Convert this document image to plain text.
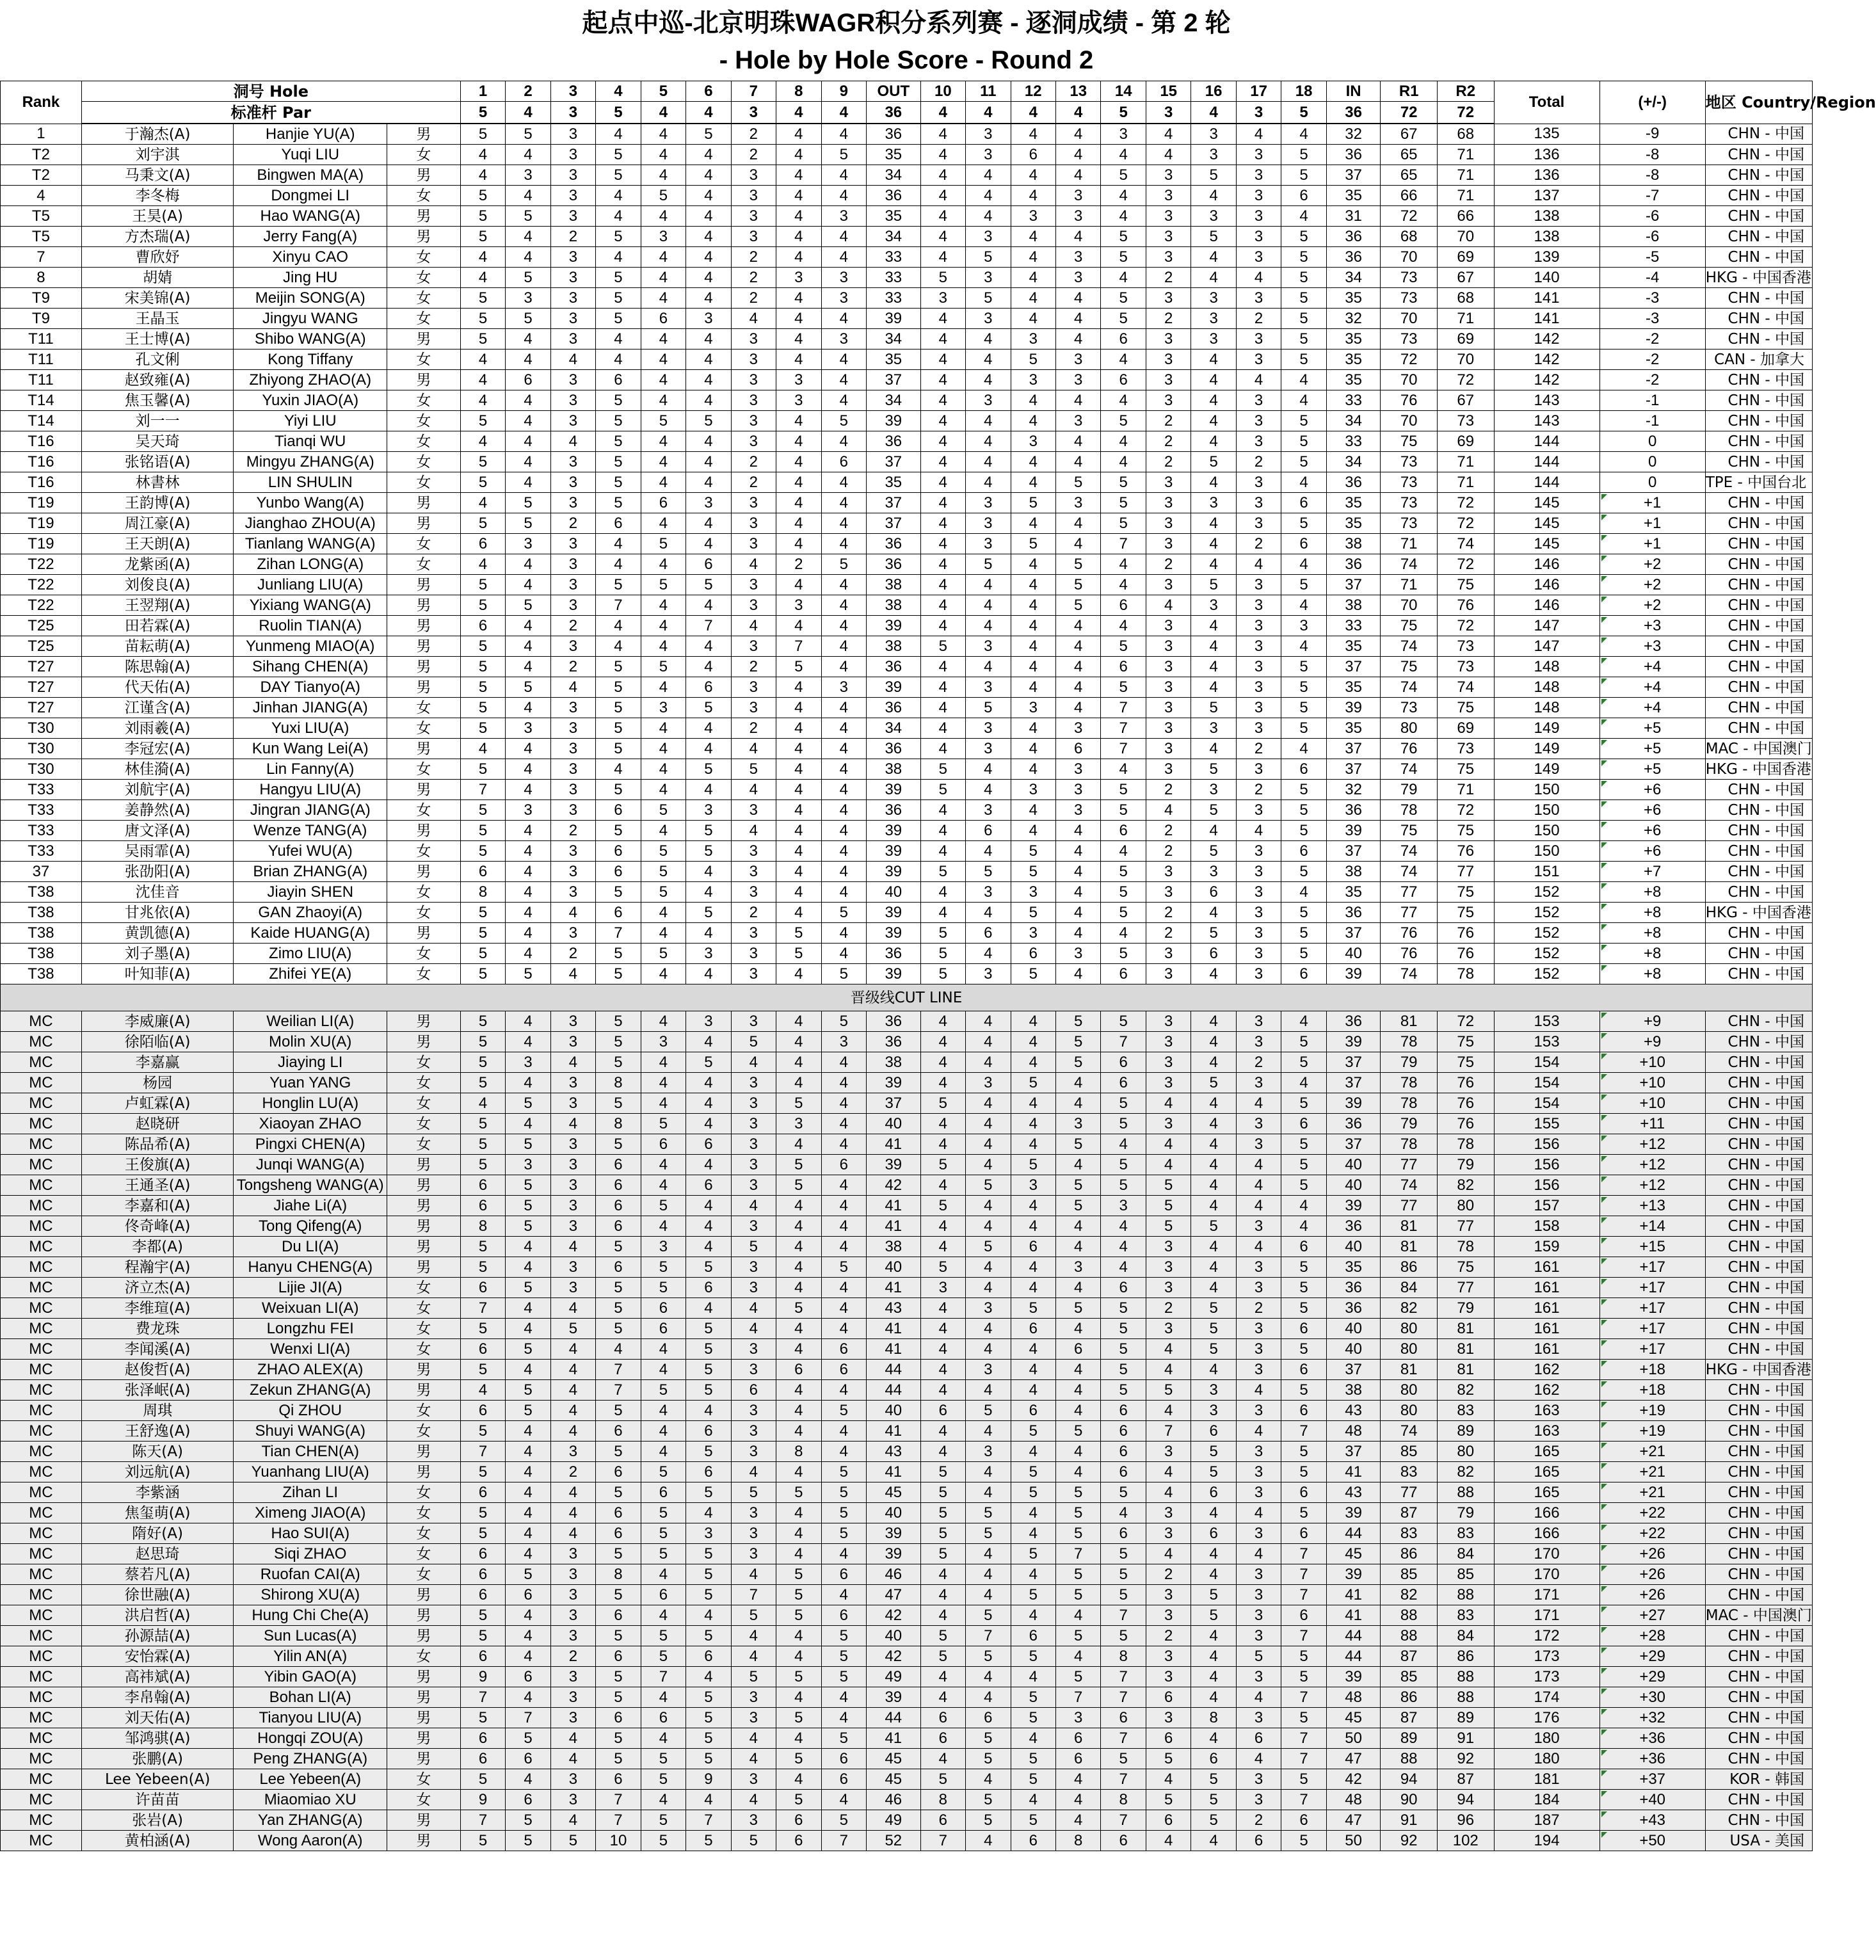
起点中巡-北京明珠WAGR积分系列赛 - 逐洞成绩 - 第 2 轮
- Hole by Hole Score - Round 2
Rank	洞号 Hole			1	2	3	4	5	6	7	8	9	OUT	10	11	12	13	14	15	16	17	18	IN	R1	R2	Total	(+/-)	地区 Country/Region
	标准杆 Par			5	4	3	5	4	4	3	4	4	36	4	4	4	4	5	3	4	3	5	36	72	72			
1	于瀚杰(A)	Hanjie YU(A)	男	5	5	3	4	4	5	2	4	4	36	4	3	4	4	3	4	3	4	4	32	67	68	135	-9	CHN - 中国
T2	刘宇淇	Yuqi LIU	女	4	4	3	5	4	4	2	4	5	35	4	3	6	4	4	4	3	3	5	36	65	71	136	-8	CHN - 中国
T2	马秉文(A)	Bingwen MA(A)	男	4	3	3	5	4	4	3	4	4	34	4	4	4	4	5	3	5	3	5	37	65	71	136	-8	CHN - 中国
4	李冬梅	Dongmei LI	女	5	4	3	4	5	4	3	4	4	36	4	4	4	3	4	3	4	3	6	35	66	71	137	-7	CHN - 中国
T5	王昊(A)	Hao WANG(A)	男	5	5	3	4	4	4	3	4	3	35	4	4	3	3	4	3	3	3	4	31	72	66	138	-6	CHN - 中国
T5	方杰瑞(A)	Jerry Fang(A)	男	5	4	2	5	3	4	3	4	4	34	4	3	4	4	5	3	5	3	5	36	68	70	138	-6	CHN - 中国
7	曹欣妤	Xinyu CAO	女	4	4	3	4	4	4	2	4	4	33	4	5	4	3	5	3	4	3	5	36	70	69	139	-5	CHN - 中国
8	胡婧	Jing HU	女	4	5	3	5	4	4	2	3	3	33	5	3	4	3	4	2	4	4	5	34	73	67	140	-4	HKG - 中国香港
T9	宋美锦(A)	Meijin SONG(A)	女	5	3	3	5	4	4	2	4	3	33	3	5	4	4	5	3	3	3	5	35	73	68	141	-3	CHN - 中国
T9	王晶玉	Jingyu WANG	女	5	5	3	5	6	3	4	4	4	39	4	3	4	4	5	2	3	2	5	32	70	71	141	-3	CHN - 中国
T11	王士博(A)	Shibo WANG(A)	男	5	4	3	4	4	4	3	4	3	34	4	4	3	4	6	3	3	3	5	35	73	69	142	-2	CHN - 中国
T11	孔文俐	Kong Tiffany	女	4	4	4	4	4	4	3	4	4	35	4	4	5	3	4	3	4	3	5	35	72	70	142	-2	CAN - 加拿大
T11	赵致雍(A)	Zhiyong ZHAO(A)	男	4	6	3	6	4	4	3	3	4	37	4	4	3	3	6	3	4	4	4	35	70	72	142	-2	CHN - 中国
T14	焦玉馨(A)	Yuxin JIAO(A)	女	4	4	3	5	4	4	3	3	4	34	4	3	4	4	4	3	4	3	4	33	76	67	143	-1	CHN - 中国
T14	刘一一	Yiyi LIU	女	5	4	3	5	5	5	3	4	5	39	4	4	4	3	5	2	4	3	5	34	70	73	143	-1	CHN - 中国
T16	吴天琦	Tianqi WU	女	4	4	4	5	4	4	3	4	4	36	4	4	3	4	4	2	4	3	5	33	75	69	144	0	CHN - 中国
T16	张铭语(A)	Mingyu ZHANG(A)	女	5	4	3	5	4	4	2	4	6	37	4	4	4	4	4	2	5	2	5	34	73	71	144	0	CHN - 中国
T16	林書林	LIN SHULIN	女	5	4	3	5	4	4	2	4	4	35	4	4	4	5	5	3	4	3	4	36	73	71	144	0	TPE - 中国台北
T19	王韵博(A)	Yunbo Wang(A)	男	4	5	3	5	6	3	3	4	4	37	4	3	5	3	5	3	3	3	6	35	73	72	145	+1	CHN - 中国
T19	周江豪(A)	Jianghao ZHOU(A)	男	5	5	2	6	4	4	3	4	4	37	4	3	4	4	5	3	4	3	5	35	73	72	145	+1	CHN - 中国
T19	王天朗(A)	Tianlang WANG(A)	女	6	3	3	4	5	4	3	4	4	36	4	3	5	4	7	3	4	2	6	38	71	74	145	+1	CHN - 中国
T22	龙紫函(A)	Zihan LONG(A)	女	4	4	3	4	4	6	4	2	5	36	4	5	4	5	4	2	4	4	4	36	74	72	146	+2	CHN - 中国
T22	刘俊良(A)	Junliang LIU(A)	男	5	4	3	5	5	5	3	4	4	38	4	4	4	5	4	3	5	3	5	37	71	75	146	+2	CHN - 中国
T22	王翌翔(A)	Yixiang WANG(A)	男	5	5	3	7	4	4	3	3	4	38	4	4	4	5	6	4	3	3	4	38	70	76	146	+2	CHN - 中国
T25	田若霖(A)	Ruolin TIAN(A)	男	6	4	2	4	4	7	4	4	4	39	4	4	4	4	4	3	4	3	3	33	75	72	147	+3	CHN - 中国
T25	苗耘萌(A)	Yunmeng MIAO(A)	男	5	4	3	4	4	4	3	7	4	38	5	3	4	4	5	3	4	3	4	35	74	73	147	+3	CHN - 中国
T27	陈思翰(A)	Sihang CHEN(A)	男	5	4	2	5	5	4	2	5	4	36	4	4	4	4	6	3	4	3	5	37	75	73	148	+4	CHN - 中国
T27	代天佑(A)	DAY Tianyo(A)	男	5	5	4	5	4	6	3	4	3	39	4	3	4	4	5	3	4	3	5	35	74	74	148	+4	CHN - 中国
T27	江谨含(A)	Jinhan JIANG(A)	女	5	4	3	5	3	5	3	4	4	36	4	5	3	4	7	3	5	3	5	39	73	75	148	+4	CHN - 中国
T30	刘雨羲(A)	Yuxi LIU(A)	女	5	3	3	5	4	4	2	4	4	34	4	3	4	3	7	3	3	3	5	35	80	69	149	+5	CHN - 中国
T30	李冠宏(A)	Kun Wang Lei(A)	男	4	4	3	5	4	4	4	4	4	36	4	3	4	6	7	3	4	2	4	37	76	73	149	+5	MAC - 中国澳门
T30	林佳漪(A)	Lin Fanny(A)	女	5	4	3	4	4	5	5	4	4	38	5	4	4	3	4	3	5	3	6	37	74	75	149	+5	HKG - 中国香港
T33	刘航宇(A)	Hangyu LIU(A)	男	7	4	3	5	4	4	4	4	4	39	5	4	3	3	5	2	3	2	5	32	79	71	150	+6	CHN - 中国
T33	姜静然(A)	Jingran JIANG(A)	女	5	3	3	6	5	3	3	4	4	36	4	3	4	3	5	4	5	3	5	36	78	72	150	+6	CHN - 中国
T33	唐文泽(A)	Wenze TANG(A)	男	5	4	2	5	4	5	4	4	4	39	4	6	4	4	6	2	4	4	5	39	75	75	150	+6	CHN - 中国
T33	吴雨霏(A)	Yufei WU(A)	女	5	4	3	6	5	5	3	4	4	39	4	4	5	4	4	2	5	3	6	37	74	76	150	+6	CHN - 中国
37	张劭阳(A)	Brian ZHANG(A)	男	6	4	3	6	5	4	3	4	4	39	5	5	5	4	5	3	3	3	5	38	74	77	151	+7	CHN - 中国
T38	沈佳音	Jiayin SHEN	女	8	4	3	5	5	4	3	4	4	40	4	3	3	4	5	3	6	3	4	35	77	75	152	+8	CHN - 中国
T38	甘兆依(A)	GAN Zhaoyi(A)	女	5	4	4	6	4	5	2	4	5	39	4	4	5	4	5	2	4	3	5	36	77	75	152	+8	HKG - 中国香港
T38	黄凯德(A)	Kaide HUANG(A)	男	5	4	3	7	4	4	3	5	4	39	5	6	3	4	4	2	5	3	5	37	76	76	152	+8	CHN - 中国
T38	刘子墨(A)	Zimo LIU(A)	女	5	4	2	5	5	3	3	5	4	36	5	4	6	3	5	3	6	3	5	40	76	76	152	+8	CHN - 中国
T38	叶知菲(A)	Zhifei YE(A)	女	5	5	4	5	4	4	3	4	5	39	5	3	5	4	6	3	4	3	6	39	74	78	152	+8	CHN - 中国
晋级线CUT LINE																												
MC	李威廉(A)	Weilian LI(A)	男	5	4	3	5	4	3	3	4	5	36	4	4	4	5	5	3	4	3	4	36	81	72	153	+9	CHN - 中国
MC	徐陌临(A)	Molin XU(A)	男	5	4	3	5	3	4	5	4	3	36	4	4	4	5	7	3	4	3	5	39	78	75	153	+9	CHN - 中国
MC	李嘉赢	Jiaying LI	女	5	3	4	5	4	5	4	4	4	38	4	4	4	5	6	3	4	2	5	37	79	75	154	+10	CHN - 中国
MC	杨园	Yuan YANG	女	5	4	3	8	4	4	3	4	4	39	4	3	5	4	6	3	5	3	4	37	78	76	154	+10	CHN - 中国
MC	卢虹霖(A)	Honglin LU(A)	女	4	5	3	5	4	4	3	5	4	37	5	4	4	4	5	4	4	4	5	39	78	76	154	+10	CHN - 中国
MC	赵晓研	Xiaoyan ZHAO	女	5	4	4	8	5	4	3	3	4	40	4	4	4	3	5	3	4	3	6	36	79	76	155	+11	CHN - 中国
MC	陈品希(A)	Pingxi CHEN(A)	女	5	5	3	5	6	6	3	4	4	41	4	4	4	5	4	4	4	3	5	37	78	78	156	+12	CHN - 中国
MC	王俊旗(A)	Junqi WANG(A)	男	5	3	3	6	4	4	3	5	6	39	5	4	5	4	5	4	4	4	5	40	77	79	156	+12	CHN - 中国
MC	王通圣(A)	Tongsheng WANG(A)	男	6	5	3	6	4	6	3	5	4	42	4	5	3	5	5	5	4	4	5	40	74	82	156	+12	CHN - 中国
MC	李嘉和(A)	Jiahe Li(A)	男	6	5	3	6	5	4	4	4	4	41	5	4	4	5	3	5	4	4	4	39	77	80	157	+13	CHN - 中国
MC	佟奇峰(A)	Tong Qifeng(A)	男	8	5	3	6	4	4	3	4	4	41	4	4	4	4	4	5	5	3	4	36	81	77	158	+14	CHN - 中国
MC	李都(A)	Du LI(A)	男	5	4	4	5	3	4	5	4	4	38	4	5	6	4	4	3	4	4	6	40	81	78	159	+15	CHN - 中国
MC	程瀚宇(A)	Hanyu CHENG(A)	男	5	4	3	6	5	5	3	4	5	40	5	4	4	3	4	3	4	3	5	35	86	75	161	+17	CHN - 中国
MC	济立杰(A)	Lijie JI(A)	女	6	5	3	5	5	6	3	4	4	41	3	4	4	4	6	3	4	3	5	36	84	77	161	+17	CHN - 中国
MC	李维瑄(A)	Weixuan LI(A)	女	7	4	4	5	6	4	4	5	4	43	4	3	5	5	5	2	5	2	5	36	82	79	161	+17	CHN - 中国
MC	费龙珠	Longzhu FEI	女	5	4	5	5	6	5	4	4	4	41	4	4	6	4	5	3	5	3	6	40	80	81	161	+17	CHN - 中国
MC	李闻溪(A)	Wenxi LI(A)	女	6	5	4	4	4	5	3	4	6	41	4	4	4	6	5	4	5	3	5	40	80	81	161	+17	CHN - 中国
MC	赵俊哲(A)	ZHAO ALEX(A)	男	5	4	4	7	4	5	3	6	6	44	4	3	4	4	5	4	4	3	6	37	81	81	162	+18	HKG - 中国香港
MC	张泽岷(A)	Zekun ZHANG(A)	男	4	5	4	7	5	5	6	4	4	44	4	4	4	4	5	5	3	4	5	38	80	82	162	+18	CHN - 中国
MC	周琪	Qi ZHOU	女	6	5	4	5	4	4	3	4	5	40	6	5	6	4	6	4	3	3	6	43	80	83	163	+19	CHN - 中国
MC	王舒逸(A)	Shuyi WANG(A)	女	5	4	4	6	4	6	3	4	4	41	4	4	5	5	6	7	6	4	7	48	74	89	163	+19	CHN - 中国
MC	陈天(A)	Tian CHEN(A)	男	7	4	3	5	4	5	3	8	4	43	4	3	4	4	6	3	5	3	5	37	85	80	165	+21	CHN - 中国
MC	刘远航(A)	Yuanhang LIU(A)	男	5	4	2	6	5	6	4	4	5	41	5	4	5	4	6	4	5	3	5	41	83	82	165	+21	CHN - 中国
MC	李紫涵	Zihan LI	女	6	4	4	5	6	5	5	5	5	45	5	4	5	5	5	4	6	3	6	43	77	88	165	+21	CHN - 中国
MC	焦玺萌(A)	Ximeng JIAO(A)	女	5	4	4	6	5	4	3	4	5	40	5	5	4	5	4	3	4	4	5	39	87	79	166	+22	CHN - 中国
MC	隋好(A)	Hao SUI(A)	女	5	4	4	6	5	3	3	4	5	39	5	5	4	5	6	3	6	3	6	44	83	83	166	+22	CHN - 中国
MC	赵思琦	Siqi ZHAO	女	6	4	3	5	5	5	3	4	4	39	5	4	5	7	5	4	4	4	7	45	86	84	170	+26	CHN - 中国
MC	蔡若凡(A)	Ruofan CAI(A)	女	6	5	3	8	4	5	4	5	6	46	4	4	4	5	5	2	4	3	7	39	85	85	170	+26	CHN - 中国
MC	徐世融(A)	Shirong XU(A)	男	6	6	3	5	6	5	7	5	4	47	4	4	5	5	5	3	5	3	7	41	82	88	171	+26	CHN - 中国
MC	洪启哲(A)	Hung Chi Che(A)	男	5	4	3	6	4	4	5	5	6	42	4	5	4	4	7	3	5	3	6	41	88	83	171	+27	MAC - 中国澳门
MC	孙源喆(A)	Sun Lucas(A)	男	5	4	3	5	5	5	4	4	5	40	5	7	6	5	5	2	4	3	7	44	88	84	172	+28	CHN - 中国
MC	安怡霖(A)	Yilin AN(A)	女	6	4	2	6	5	6	4	4	5	42	5	5	5	4	8	3	4	5	5	44	87	86	173	+29	CHN - 中国
MC	高祎斌(A)	Yibin GAO(A)	男	9	6	3	5	7	4	5	5	5	49	4	4	4	5	7	3	4	3	5	39	85	88	173	+29	CHN - 中国
MC	李帛翰(A)	Bohan LI(A)	男	7	4	3	5	4	5	3	4	4	39	4	4	5	7	7	6	4	4	7	48	86	88	174	+30	CHN - 中国
MC	刘天佑(A)	Tianyou LIU(A)	男	5	7	3	6	6	5	3	5	4	44	6	6	5	3	6	3	8	3	5	45	87	89	176	+32	CHN - 中国
MC	邹鸿骐(A)	Hongqi ZOU(A)	男	6	5	4	5	4	5	4	4	5	41	6	5	4	6	7	6	4	6	7	50	89	91	180	+36	CHN - 中国
MC	张鹏(A)	Peng ZHANG(A)	男	6	6	4	5	5	5	4	5	6	45	4	5	5	6	5	5	6	4	7	47	88	92	180	+36	CHN - 中国
MC	Lee Yebeen(A)	Lee Yebeen(A)	女	5	4	3	6	5	9	3	4	6	45	5	4	5	4	7	4	5	3	5	42	94	87	181	+37	KOR - 韩国
MC	许苗苗	Miaomiao XU	女	9	6	3	7	4	4	4	5	4	46	8	5	4	4	8	5	5	3	7	48	90	94	184	+40	CHN - 中国
MC	张岩(A)	Yan ZHANG(A)	男	7	5	4	7	5	7	3	6	5	49	6	5	5	4	7	6	5	2	6	47	91	96	187	+43	CHN - 中国
MC	黄柏涵(A)	Wong Aaron(A)	男	5	5	5	10	5	5	5	6	7	52	7	4	6	8	6	4	4	6	5	50	92	102	194	+50	USA - 美国
